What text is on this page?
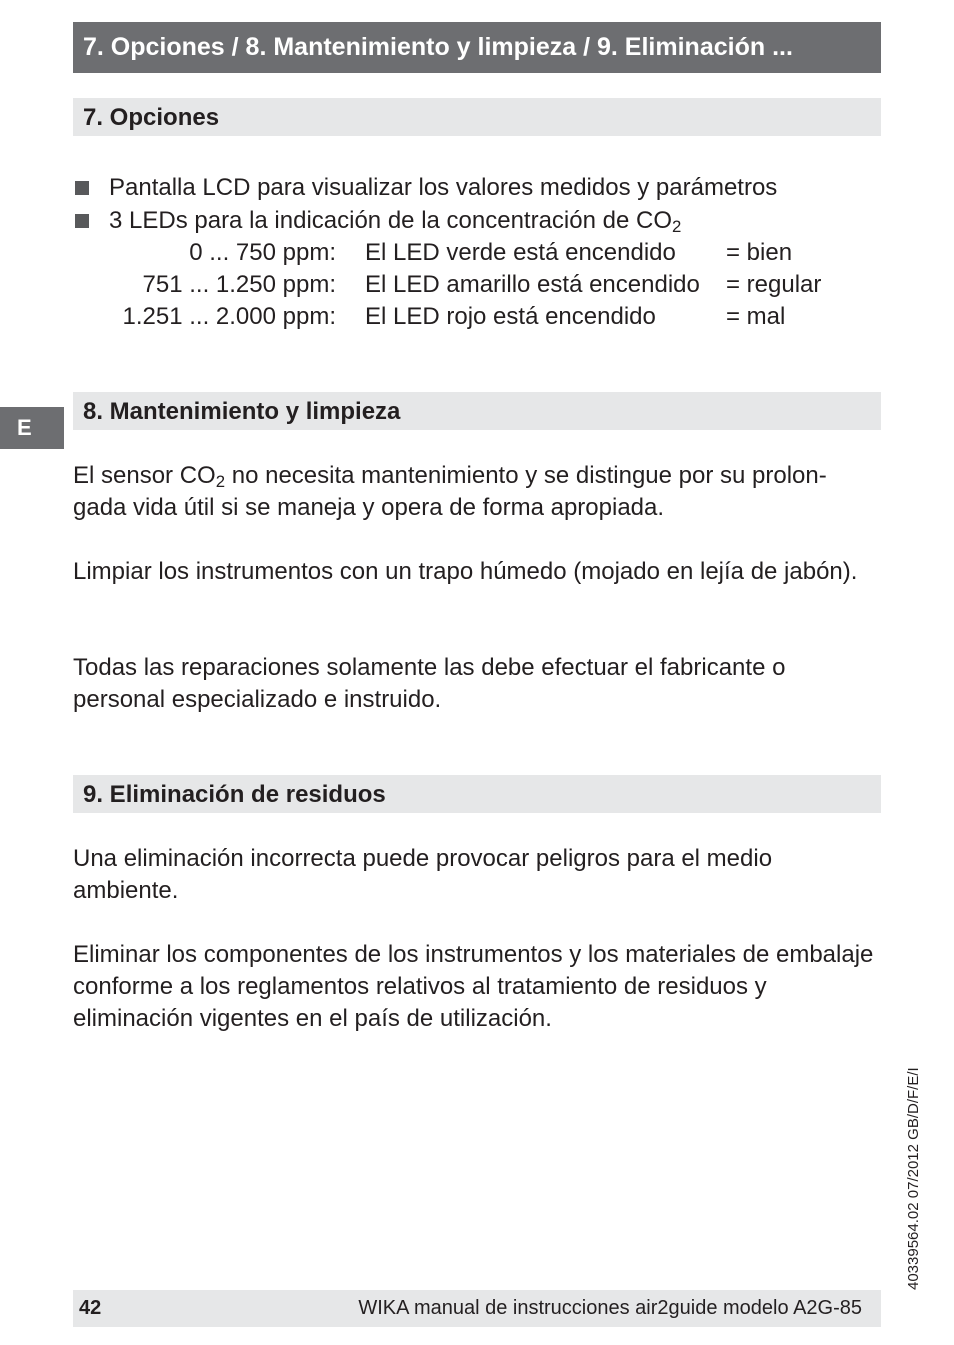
7. Opciones / 8. Mantenimiento y limpieza / 9. Eliminación ...
7. Opciones
Pantalla LCD para visualizar los valores medidos y parámetros
3 LEDs para la indicación de la concentración de $CO_2$
0 ... 750 ppm: El LED verde está encendido = bien
751 ... 1.250 ppm: El LED amarillo está encendido = regular
1.251 ... 2.000 ppm: El LED rojo está encendido	= mal
E
8. Mantenimiento y limpieza
El sensor $CO_2$ no necesita mantenimiento y se distingue por su prolon-
gada vida útil si se maneja y opera de forma apropiada.
Limpiar los instrumentos con un trapo húmedo (mojado en lejía de jabón).
Todas las reparaciones solamente las debe efectuar el fabricante o personal especializado e instruido.
9. Eliminación de residuos
Una eliminación incorrecta puede provocar peligros para el medio ambiente.
Eliminar los componentes de los instrumentos y los materiales de embalaje conforme a los reglamentos relativos al tratamiento de residuos y eliminación vigentes en el país de utilización.
40339564.02 07/2012 GB/D/F/E/I
42	WIKA manual de instrucciones air2guide modelo A2G-85
